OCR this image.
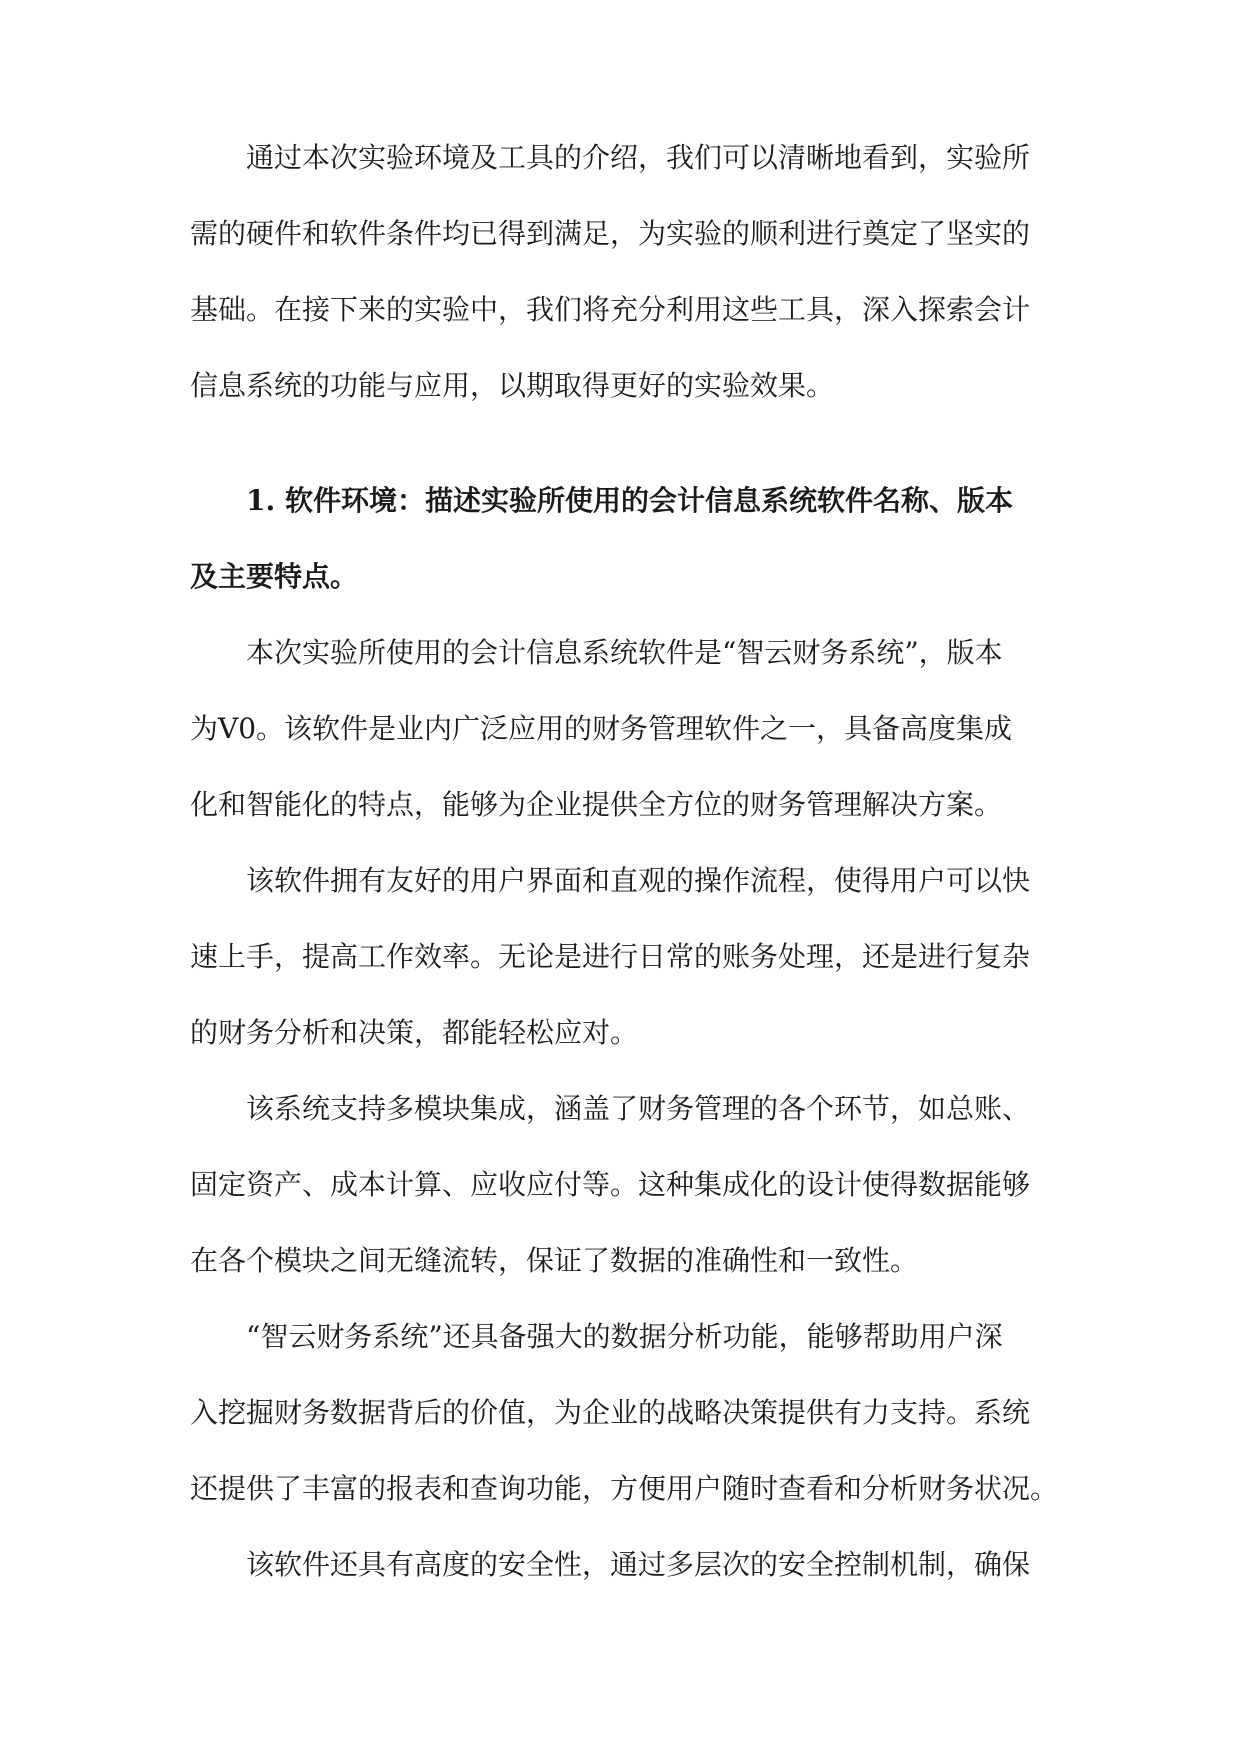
通过本次实验环境及工具的介绍，我们可以清晰地看到，实验所
需的硬件和软件条件均已得到满足，为实验的顺利进行奠定了坚实的
基础。在接下来的实验中，我们将充分利用这些工具，深入探索会计
信息系统的功能与应用，以期取得更好的实验效果。
1. 软件环境：描述实验所使用的会计信息系统软件名称、版本
及主要特点。
本次实验所使用的会计信息系统软件是“智云财务系统”，版本
为V0。该软件是业内广泛应用的财务管理软件之一，具备高度集成
化和智能化的特点，能够为企业提供全方位的财务管理解决方案。
该软件拥有友好的用户界面和直观的操作流程，使得用户可以快
速上手，提高工作效率。无论是进行日常的账务处理，还是进行复杂
的财务分析和决策，都能轻松应对。
该系统支持多模块集成，涵盖了财务管理的各个环节，如总账、
固定资产、成本计算、应收应付等。这种集成化的设计使得数据能够
在各个模块之间无缝流转，保证了数据的准确性和一致性。
“智云财务系统”还具备强大的数据分析功能，能够帮助用户深
入挖掘财务数据背后的价值，为企业的战略决策提供有力支持。系统
还提供了丰富的报表和查询功能，方便用户随时查看和分析财务状况。
该软件还具有高度的安全性，通过多层次的安全控制机制，确保
